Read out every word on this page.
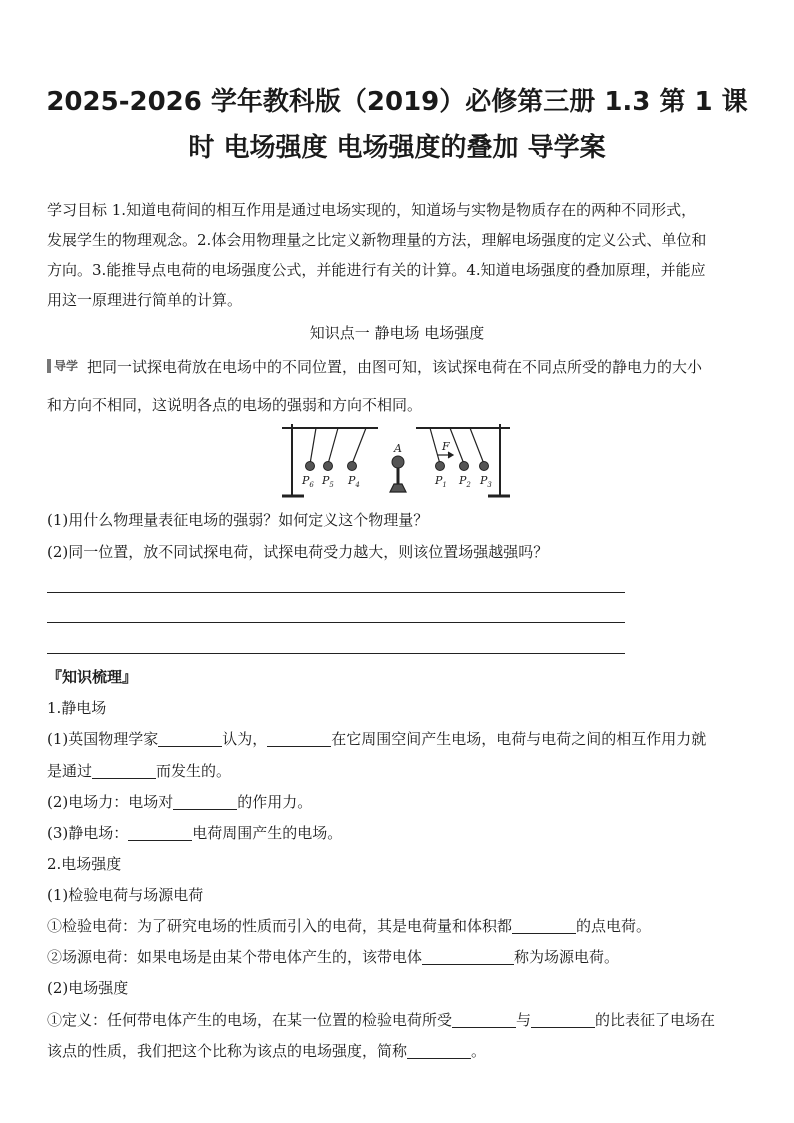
2025-2026 学年教科版（2019）必修第三册 1.3 第 1 课
时 电场强度 电场强度的叠加 导学案
学习目标 1.知道电荷间的相互作用是通过电场实现的，知道场与实物是物质存在的两种不同形式，
发展学生的物理观念。2.体会用物理量之比定义新物理量的方法，理解电场强度的定义公式、单位和
方向。3.能推导点电荷的电场强度公式，并能进行有关的计算。4.知道电场强度的叠加原理，并能应
用这一原理进行简单的计算。
知识点一 静电场 电场强度
导学 把同一试探电荷放在电场中的不同位置，由图可知，该试探电荷在不同点所受的静电力的大小
和方向不相同，这说明各点的电场的强弱和方向不相同。
$P_6$ $P_5$ $P_4$
A	F
$P_1$ $P_2$ $P_3$
(1)用什么物理量表征电场的强弱？如何定义这个物理量？
(2)同一位置，放不同试探电荷，试探电荷受力越大，则该位置场强越强吗？
『知识梳理』
1.静电场
(1)英国物理学家	认为，	在它周围空间产生电场，电荷与电荷之间的相互作用力就
是通过	而发生的。
(2)电场力：电场对	的作用力。
(3)静电场：	电荷周围产生的电场。
2.电场强度
(1)检验电荷与场源电荷
①检验电荷：为了研究电场的性质而引入的电荷，其是电荷量和体积都	的点电荷。
②场源电荷：如果电场是由某个带电体产生的，该带电体	称为场源电荷。
(2)电场强度
①定义：任何带电体产生的电场，在某一位置的检验电荷所受	与	的比表征了电场在
该点的性质，我们把这个比称为该点的电场强度，简称	。
